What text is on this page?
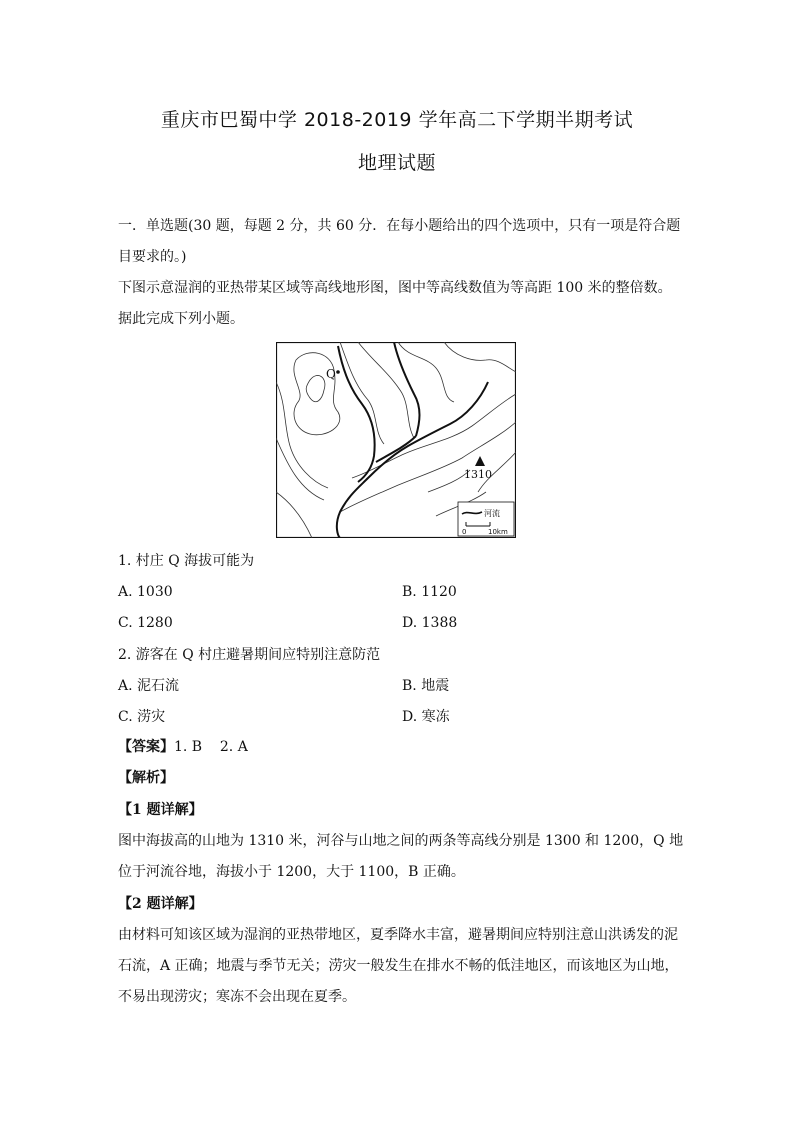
重庆市巴蜀中学 2018-2019 学年高二下学期半期考试
地理试题

一．单选题(30 题，每题 2 分，共 60 分．在每小题给出的四个选项中，只有一项是符合题目要求的。)

下图示意湿润的亚热带某区域等高线地形图，图中等高线数值为等高距 100 米的整倍数。据此完成下列小题。

Q
1310
河流
0	10km
1. 村庄 Q 海拔可能为
A. 1030	B. 1120
C. 1280	D. 1388
2. 游客在 Q 村庄避暑期间应特别注意防范
A. 泥石流	B. 地震
C. 涝灾	D. 寒冻
【答案】1. B    2. A
【解析】
【1 题详解】

图中海拔高的山地为 1310 米，河谷与山地之间的两条等高线分别是 1300 和 1200，Q 地位于河流谷地，海拔小于 1200，大于 1100，B 正确。

【2 题详解】

由材料可知该区域为湿润的亚热带地区，夏季降水丰富，避暑期间应特别注意山洪诱发的泥石流，A 正确；地震与季节无关；涝灾一般发生在排水不畅的低洼地区，而该地区为山地，不易出现涝灾；寒冻不会出现在夏季。
